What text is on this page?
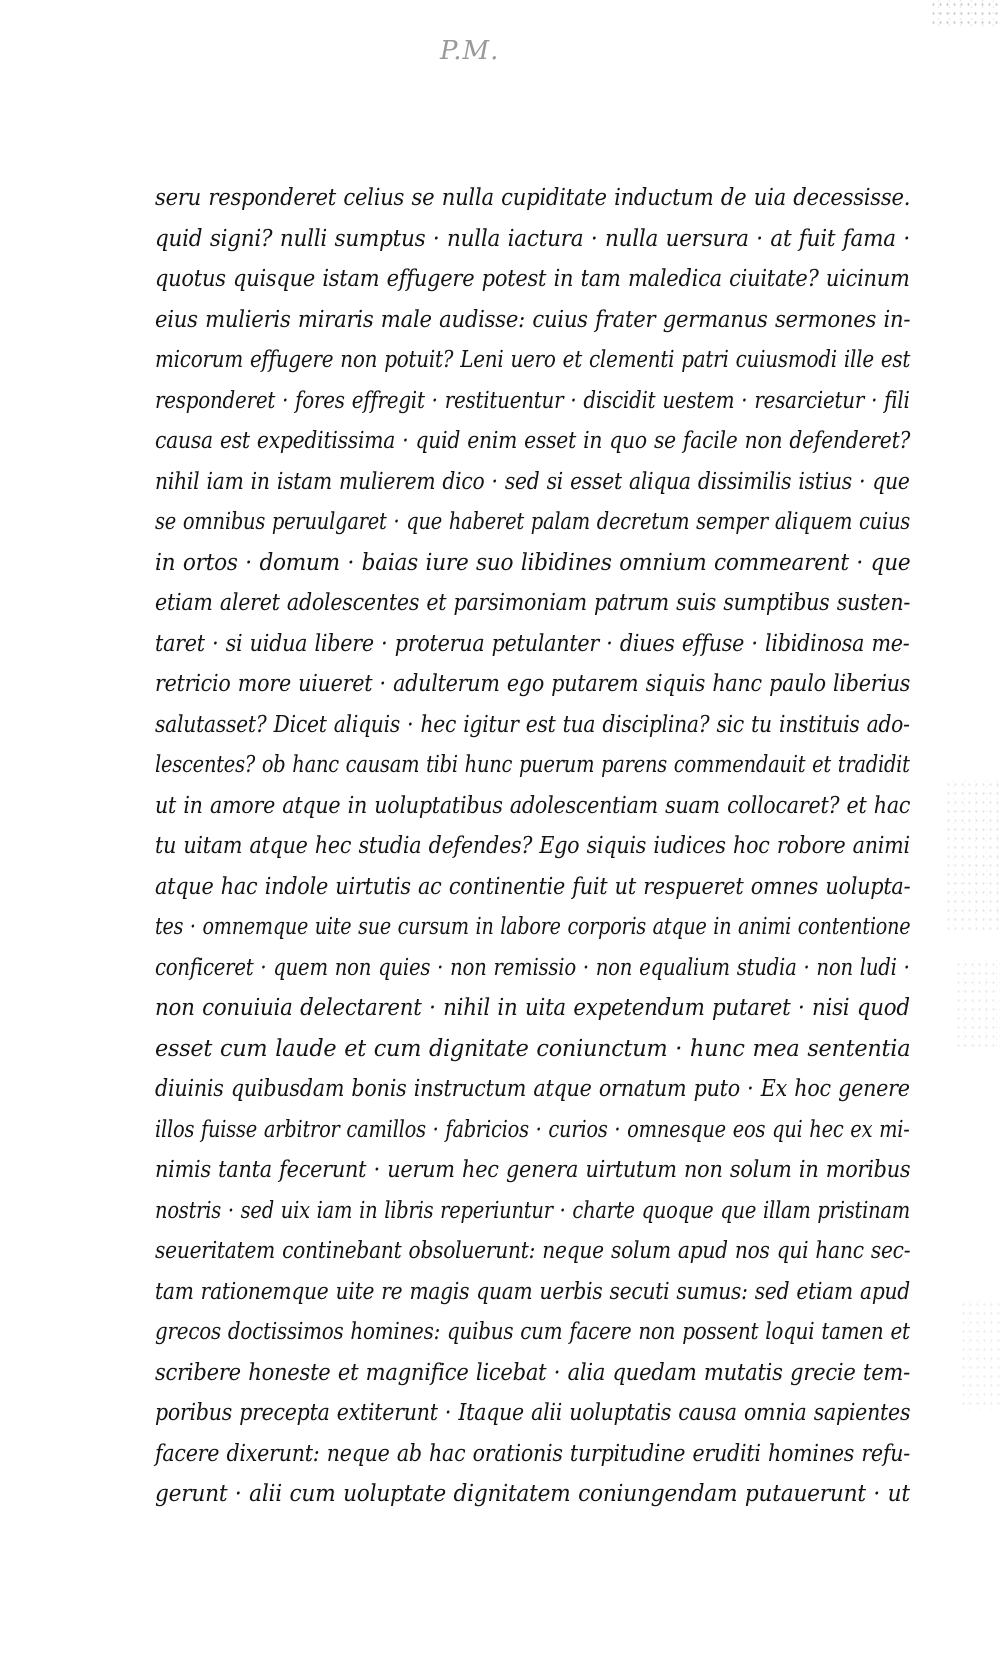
P.M.
seru responderet celius se nulla cupiditate inductum de uia decessisse.
quid signi? nulli sumptus · nulla iactura · nulla uersura · at fuit fama ·
quotus quisque istam effugere potest in tam maledica ciuitate? uicinum
eius mulieris miraris male audisse: cuius frater germanus sermones in-
micorum effugere non potuit? Leni uero et clementi patri cuiusmodi ille est
responderet · fores effregit · restituentur · discidit uestem · resarcietur · fili
causa est expeditissima · quid enim esset in quo se facile non defenderet?
nihil iam in istam mulierem dico · sed si esset aliqua dissimilis istius · que
se omnibus peruulgaret · que haberet palam decretum semper aliquem cuius
in ortos · domum · baias iure suo libidines omnium commearent · que
etiam aleret adolescentes et parsimoniam patrum suis sumptibus susten-
taret · si uidua libere · proterua petulanter · diues effuse · libidinosa me-
retricio more uiueret · adulterum ego putarem siquis hanc paulo liberius
salutasset? Dicet aliquis · hec igitur est tua disciplina? sic tu instituis ado-
lescentes? ob hanc causam tibi hunc puerum parens commendauit et tradidit
ut in amore atque in uoluptatibus adolescentiam suam collocaret? et hac
tu uitam atque hec studia defendes? Ego siquis iudices hoc robore animi
atque hac indole uirtutis ac continentie fuit ut respueret omnes uolupta-
tes · omnemque uite sue cursum in labore corporis atque in animi contentione
conficeret · quem non quies · non remissio · non equalium studia · non ludi ·
non conuiuia delectarent · nihil in uita expetendum putaret · nisi quod
esset cum laude et cum dignitate coniunctum · hunc mea sententia
diuinis quibusdam bonis instructum atque ornatum puto · Ex hoc genere
illos fuisse arbitror camillos · fabricios · curios · omnesque eos qui hec ex mi-
nimis tanta fecerunt · uerum hec genera uirtutum non solum in moribus
nostris · sed uix iam in libris reperiuntur · charte quoque que illam pristinam
seueritatem continebant obsoluerunt: neque solum apud nos qui hanc sec-
tam rationemque uite re magis quam uerbis secuti sumus: sed etiam apud
grecos doctissimos homines: quibus cum facere non possent loqui tamen et
scribere honeste et magnifice licebat · alia quedam mutatis grecie tem-
poribus precepta extiterunt · Itaque alii uoluptatis causa omnia sapientes
facere dixerunt: neque ab hac orationis turpitudine eruditi homines refu-
gerunt · alii cum uoluptate dignitatem coniungendam putauerunt · ut
